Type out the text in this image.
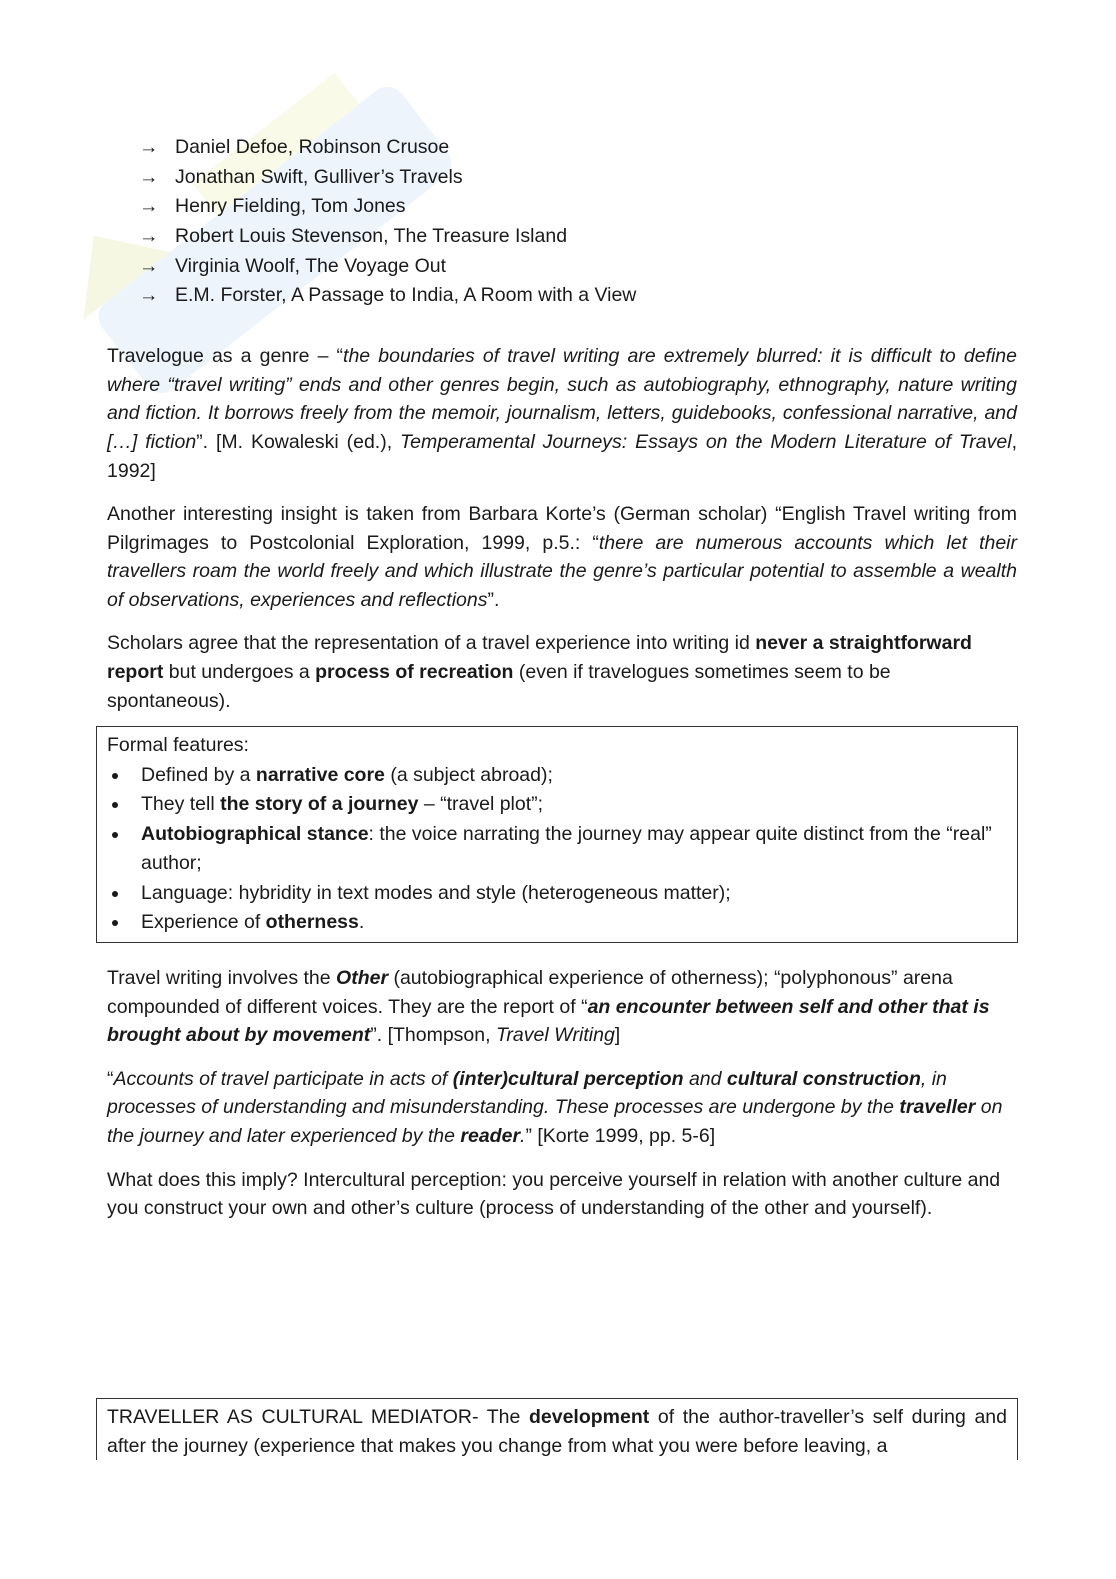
→ Daniel Defoe, Robinson Crusoe
→ Jonathan Swift, Gulliver’s Travels
→ Henry Fielding, Tom Jones
→ Robert Louis Stevenson, The Treasure Island
→ Virginia Woolf, The Voyage Out
→ E.M. Forster, A Passage to India, A Room with a View

Travelogue as a genre – “the boundaries of travel writing are extremely blurred: it is difficult to define where “travel writing” ends and other genres begin, such as autobiography, ethnography, nature writing and fiction. It borrows freely from the memoir, journalism, letters, guidebooks, confessional narrative, and […] fiction”. [M. Kowaleski (ed.), Temperamental Journeys: Essays on the Modern Literature of Travel, 1992]

Another interesting insight is taken from Barbara Korte’s (German scholar) “English Travel writing from Pilgrimages to Postcolonial Exploration, 1999, p.5.: “there are numerous accounts which let their travellers roam the world freely and which illustrate the genre’s particular potential to assemble a wealth of observations, experiences and reflections”.

Scholars agree that the representation of a travel experience into writing id never a straightforward report but undergoes a process of recreation (even if travelogues sometimes seem to be spontaneous).

Formal features:
Defined by a narrative core (a subject abroad);
They tell the story of a journey – “travel plot”;
Autobiographical stance: the voice narrating the journey may appear quite distinct from the “real” author;
Language: hybridity in text modes and style (heterogeneous matter);
Experience of otherness.

Travel writing involves the Other (autobiographical experience of otherness); “polyphonous” arena compounded of different voices. They are the report of “an encounter between self and other that is brought about by movement”. [Thompson, Travel Writing]

“Accounts of travel participate in acts of (inter)cultural perception and cultural construction, in processes of understanding and misunderstanding. These processes are undergone by the traveller on the journey and later experienced by the reader.” [Korte 1999, pp. 5-6]

What does this imply? Intercultural perception: you perceive yourself in relation with another culture and you construct your own and other’s culture (process of understanding of the other and yourself).

TRAVELLER AS CULTURAL MEDIATOR- The development of the author-traveller’s self during and after the journey (experience that makes you change from what you were before leaving, a
